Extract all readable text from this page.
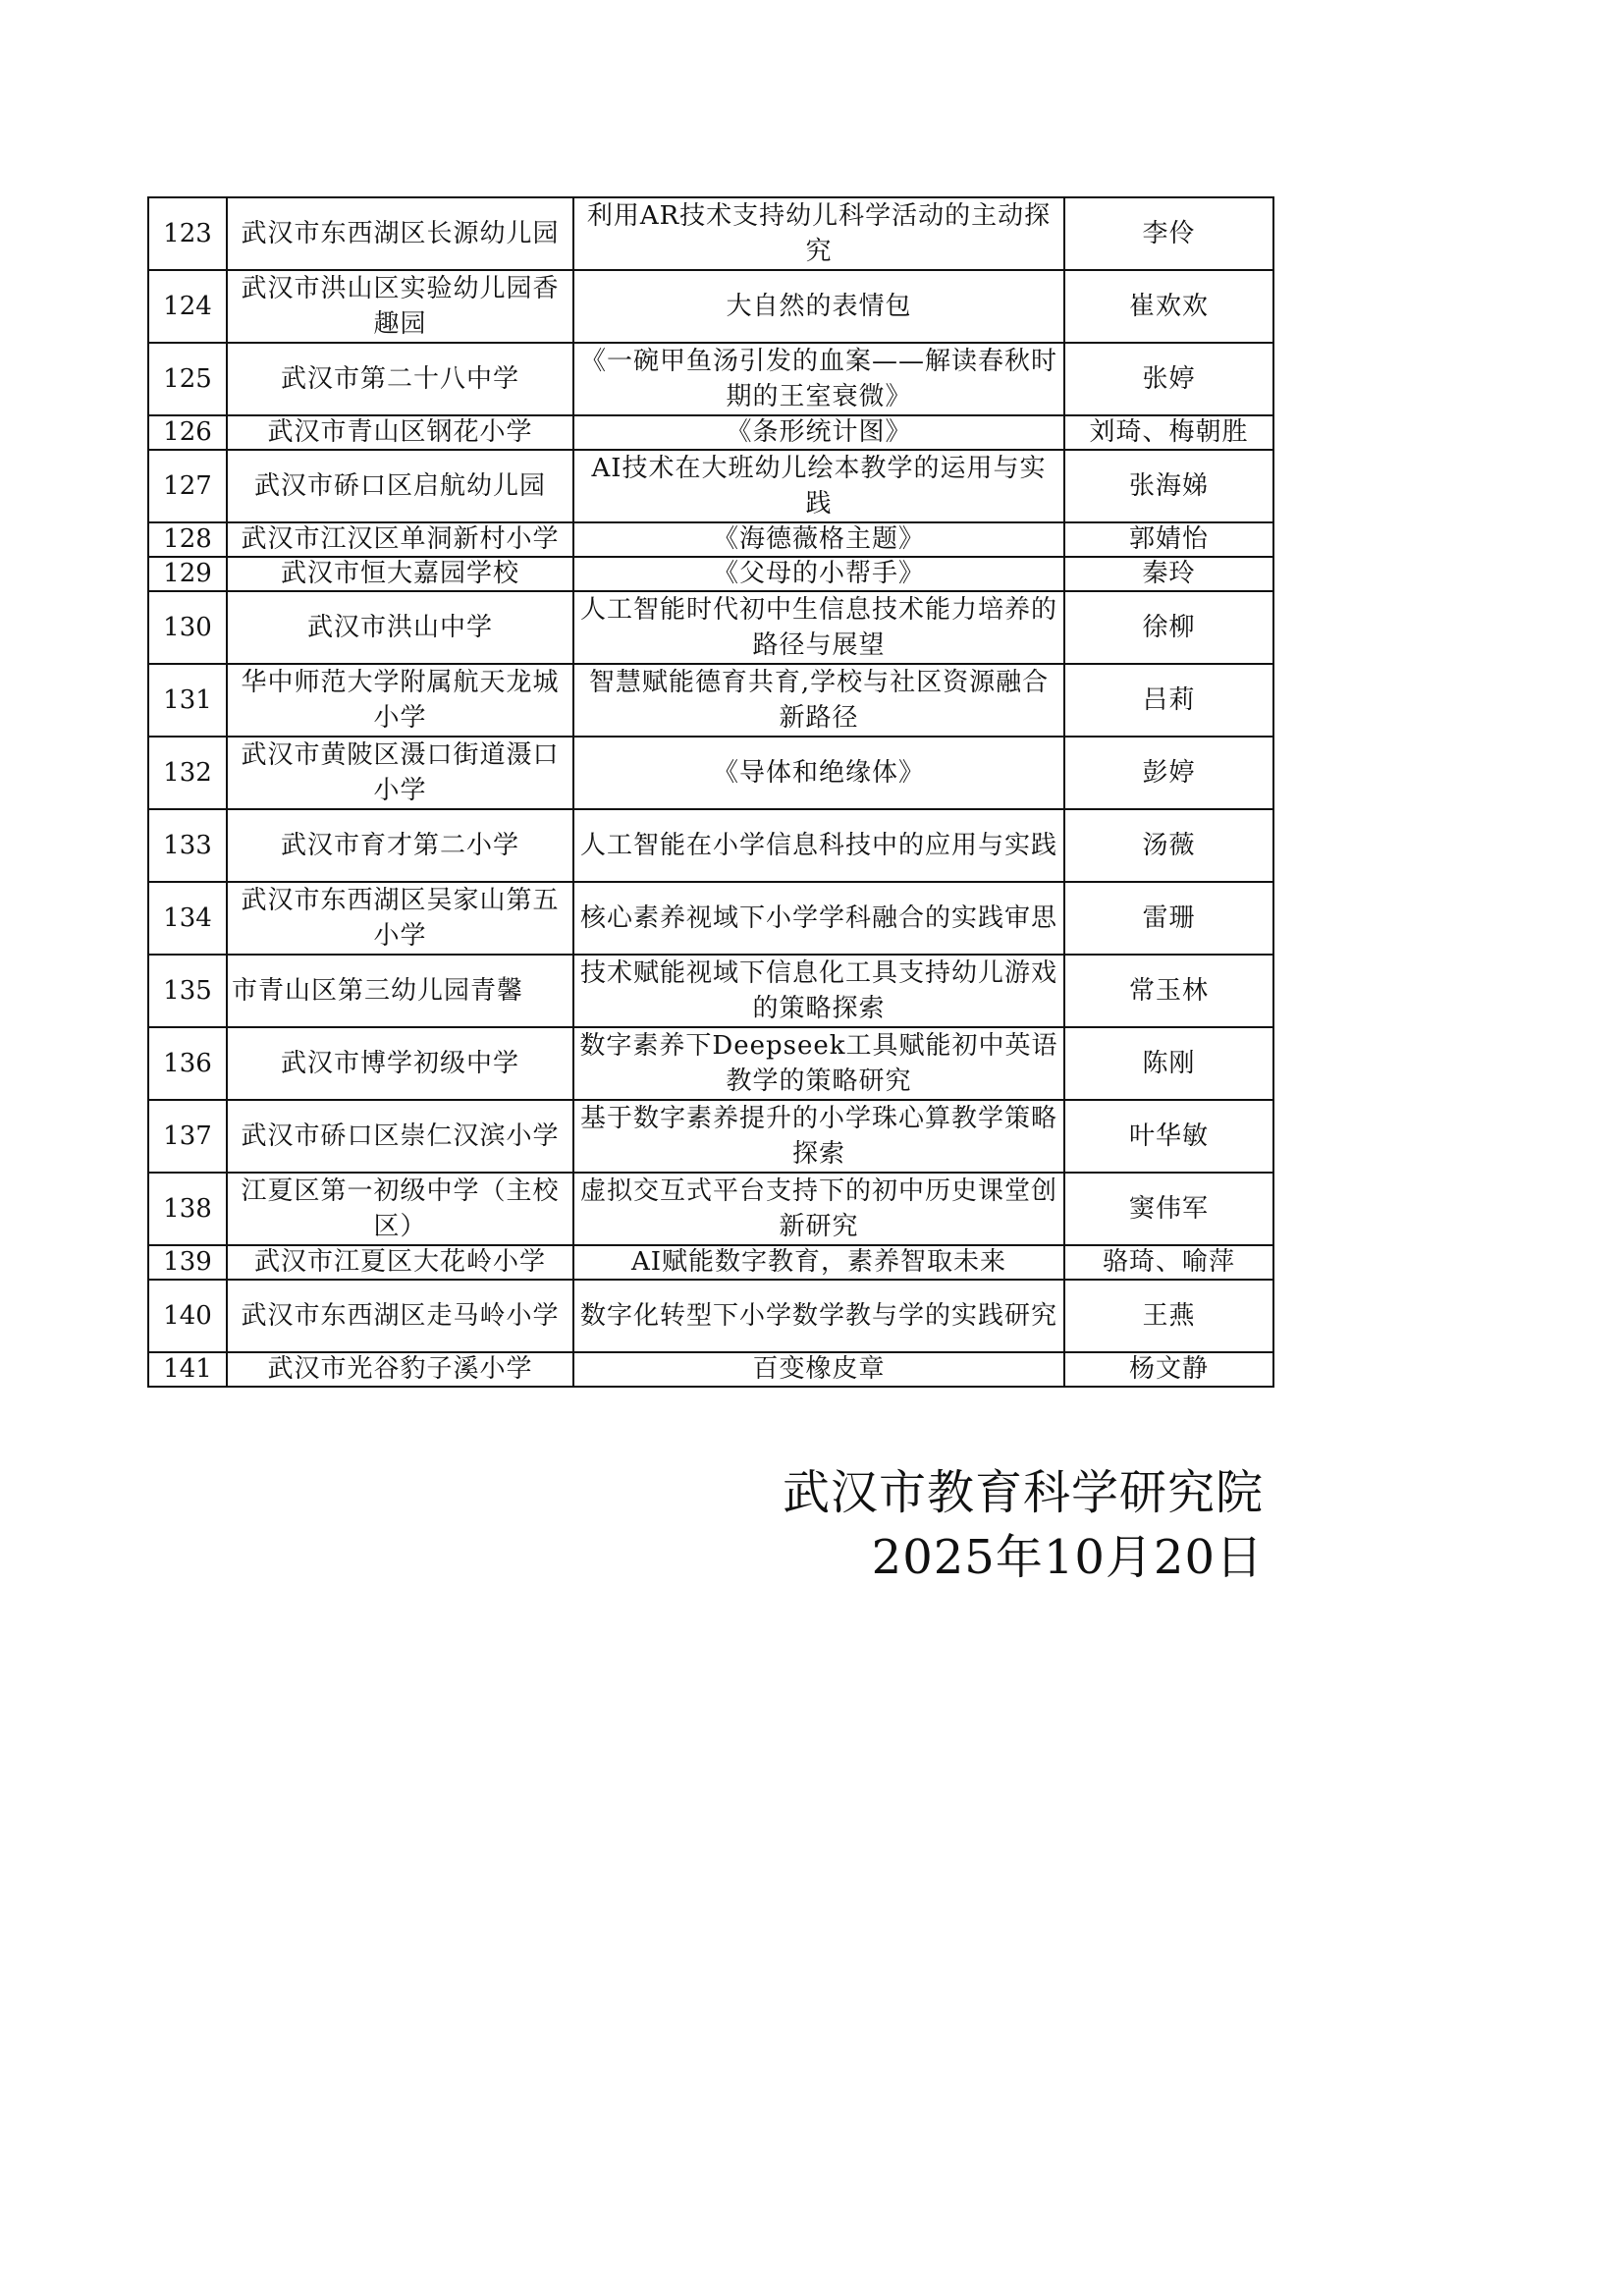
123	武汉市东西湖区长源幼儿园	利用AR技术支持幼儿科学活动的主动探究	李伶
124	武汉市洪山区实验幼儿园香趣园	大自然的表情包	崔欢欢
125	武汉市第二十八中学	《一碗甲鱼汤引发的血案——解读春秋时期的王室衰微》	张婷
126	武汉市青山区钢花小学	《条形统计图》	刘琦、梅朝胜
127	武汉市硚口区启航幼儿园	AI技术在大班幼儿绘本教学的运用与实践	张海娣
128	武汉市江汉区单洞新村小学	《海德薇格主题》	郭婧怡
129	武汉市恒大嘉园学校	《父母的小帮手》	秦玲
130	武汉市洪山中学	人工智能时代初中生信息技术能力培养的路径与展望	徐柳
131	华中师范大学附属航天龙城小学	智慧赋能德育共育,学校与社区资源融合新路径	吕莉
132	武汉市黄陂区滠口街道滠口小学	《导体和绝缘体》	彭婷
133	武汉市育才第二小学	人工智能在小学信息科技中的应用与实践	汤薇
134	武汉市东西湖区吴家山第五小学	核心素养视域下小学学科融合的实践审思	雷珊
135	市青山区第三幼儿园青馨	技术赋能视域下信息化工具支持幼儿游戏的策略探索	常玉林
136	武汉市博学初级中学	数字素养下Deepseek工具赋能初中英语教学的策略研究	陈刚
137	武汉市硚口区崇仁汉滨小学	基于数字素养提升的小学珠心算教学策略探索	叶华敏
138	江夏区第一初级中学（主校区）	虚拟交互式平台支持下的初中历史课堂创新研究	窦伟军
139	武汉市江夏区大花岭小学	AI赋能数字教育，素养智取未来	骆琦、喻萍
140	武汉市东西湖区走马岭小学	数字化转型下小学数学教与学的实践研究	王燕
141	武汉市光谷豹子溪小学	百变橡皮章	杨文静
武汉市教育科学研究院
2025年10月20日
